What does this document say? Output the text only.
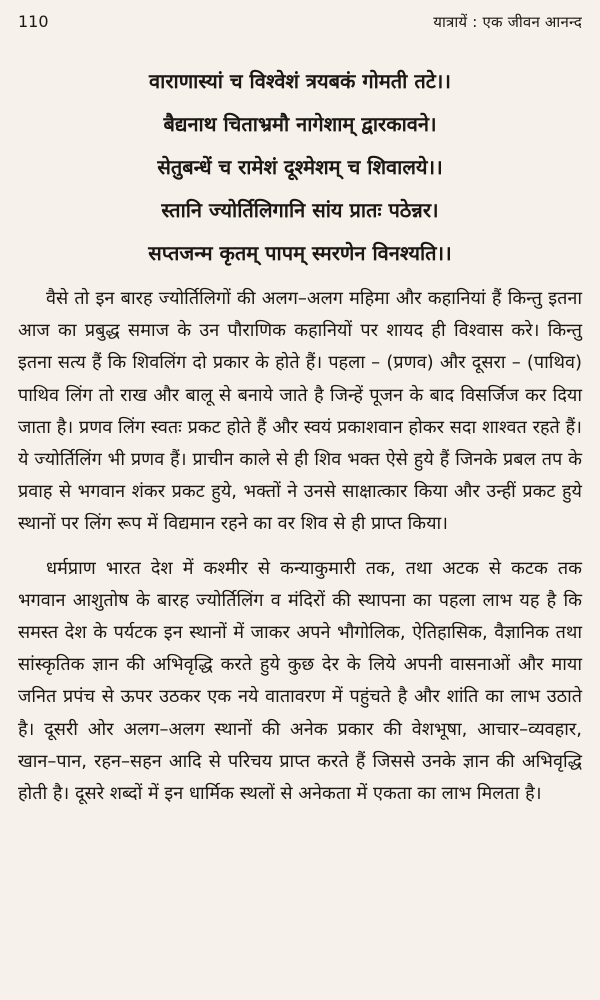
110	यात्रायें : एक जीवन आनन्द
वाराणास्यां च विश्वेशं त्रयबकं गोमती तटे।।
बैद्यनाथ चिताभ्रमौ नागेशाम् द्वारकावने।
सेतुबन्धें च रामेशं दूश्मेशम् च शिवालये।।
स्तानि ज्योर्तिलिगानि सांय प्रातः पठेन्नर।
सप्तजन्म कृतम् पापम् स्मरणेन विनश्यति।।

वैसे तो इन बारह ज्योर्तिलिगों की अलग–अलग महिमा और कहानियां हैं किन्तु इतना आज का प्रबुद्ध समाज के उन पौराणिक कहानियों पर शायद ही विश्वास करे। किन्तु इतना सत्य हैं कि शिवलिंग दो प्रकार के होते हैं। पहला – (प्रणव) और दूसरा – (पाथिव) पाथिव लिंग तो राख और बालू से बनाये जाते है जिन्हें पूजन के बाद विसर्जिज कर दिया जाता है। प्रणव लिंग स्वतः प्रकट होते हैं और स्वयं प्रकाशवान होकर सदा शाश्वत रहते हैं। ये ज्योर्तिलिंग भी प्रणव हैं। प्राचीन काले से ही शिव भक्त ऐसे हुये हैं जिनके प्रबल तप के प्रवाह से भगवान शंकर प्रकट हुये, भक्तों ने उनसे साक्षात्कार किया और उन्हीं प्रकट हुये स्थानों पर लिंग रूप में विद्यमान रहने का वर शिव से ही प्राप्त किया।

धर्मप्राण भारत देश में कश्मीर से कन्याकुमारी तक, तथा अटक से कटक तक भगवान आशुतोष के बारह ज्योर्तिलिंग व मंदिरों की स्थापना का पहला लाभ यह है कि समस्त देश के पर्यटक इन स्थानों में जाकर अपने भौगोलिक, ऐतिहासिक, वैज्ञानिक तथा सांस्कृतिक ज्ञान की अभिवृद्धि करते हुये कुछ देर के लिये अपनी वासनाओं और माया जनित प्रपंच से ऊपर उठकर एक नये वातावरण में पहुंचते है और शांति का लाभ उठाते है। दूसरी ओर अलग–अलग स्थानों की अनेक प्रकार की वेशभूषा, आचार–व्यवहार, खान–पान, रहन–सहन आदि से परिचय प्राप्त करते हैं जिससे उनके ज्ञान की अभिवृद्धि होती है। दूसरे शब्दों में इन धार्मिक स्थलों से अनेकता में एकता का लाभ मिलता है।
